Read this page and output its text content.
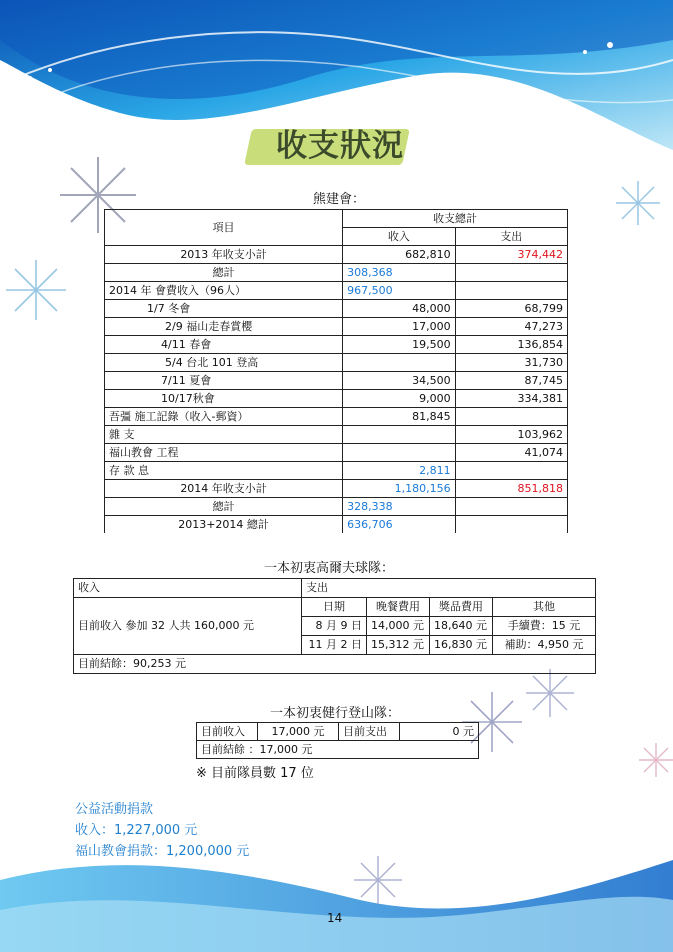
收支狀況
熊建會：
項目	收支總計	
	收入	支出
2013 年收支小計	682,810	374,442
總計	308,368	
2014 年 會費收入（96人）	967,500	
1/7 冬會	48,000	68,799
2/9 福山走春賞櫻	17,000	47,273
4/11 春會	19,500	136,854
5/4 台北 101 登高		31,730
7/11 夏會	34,500	87,745
10/17秋會	9,000	334,381
吾彊 施工記錄（收入-郵資）	81,845	
雜 支		103,962
福山教會 工程		41,074
存 款 息	2,811	
2014 年收支小計	1,180,156	851,818
總計	328,338	
2013+2014 總計	636,706	
一本初衷高爾夫球隊：
收入	支出			
目前收入 參加 32 人共 160,000 元	日期	晚餐費用	獎品費用	其他
	8 月 9 日	14,000 元	18,640 元	手續費：15 元
	11 月 2 日	15,312 元	16,830 元	補助：4,950 元
目前結餘：90,253 元				
一本初衷健行登山隊：
目前收入	17,000 元	目前支出	0 元
目前結餘 ：17,000 元
※ 目前隊員數 17 位
公益活動捐款
收入：1,227,000 元
福山教會捐款：1,200,000 元
14
